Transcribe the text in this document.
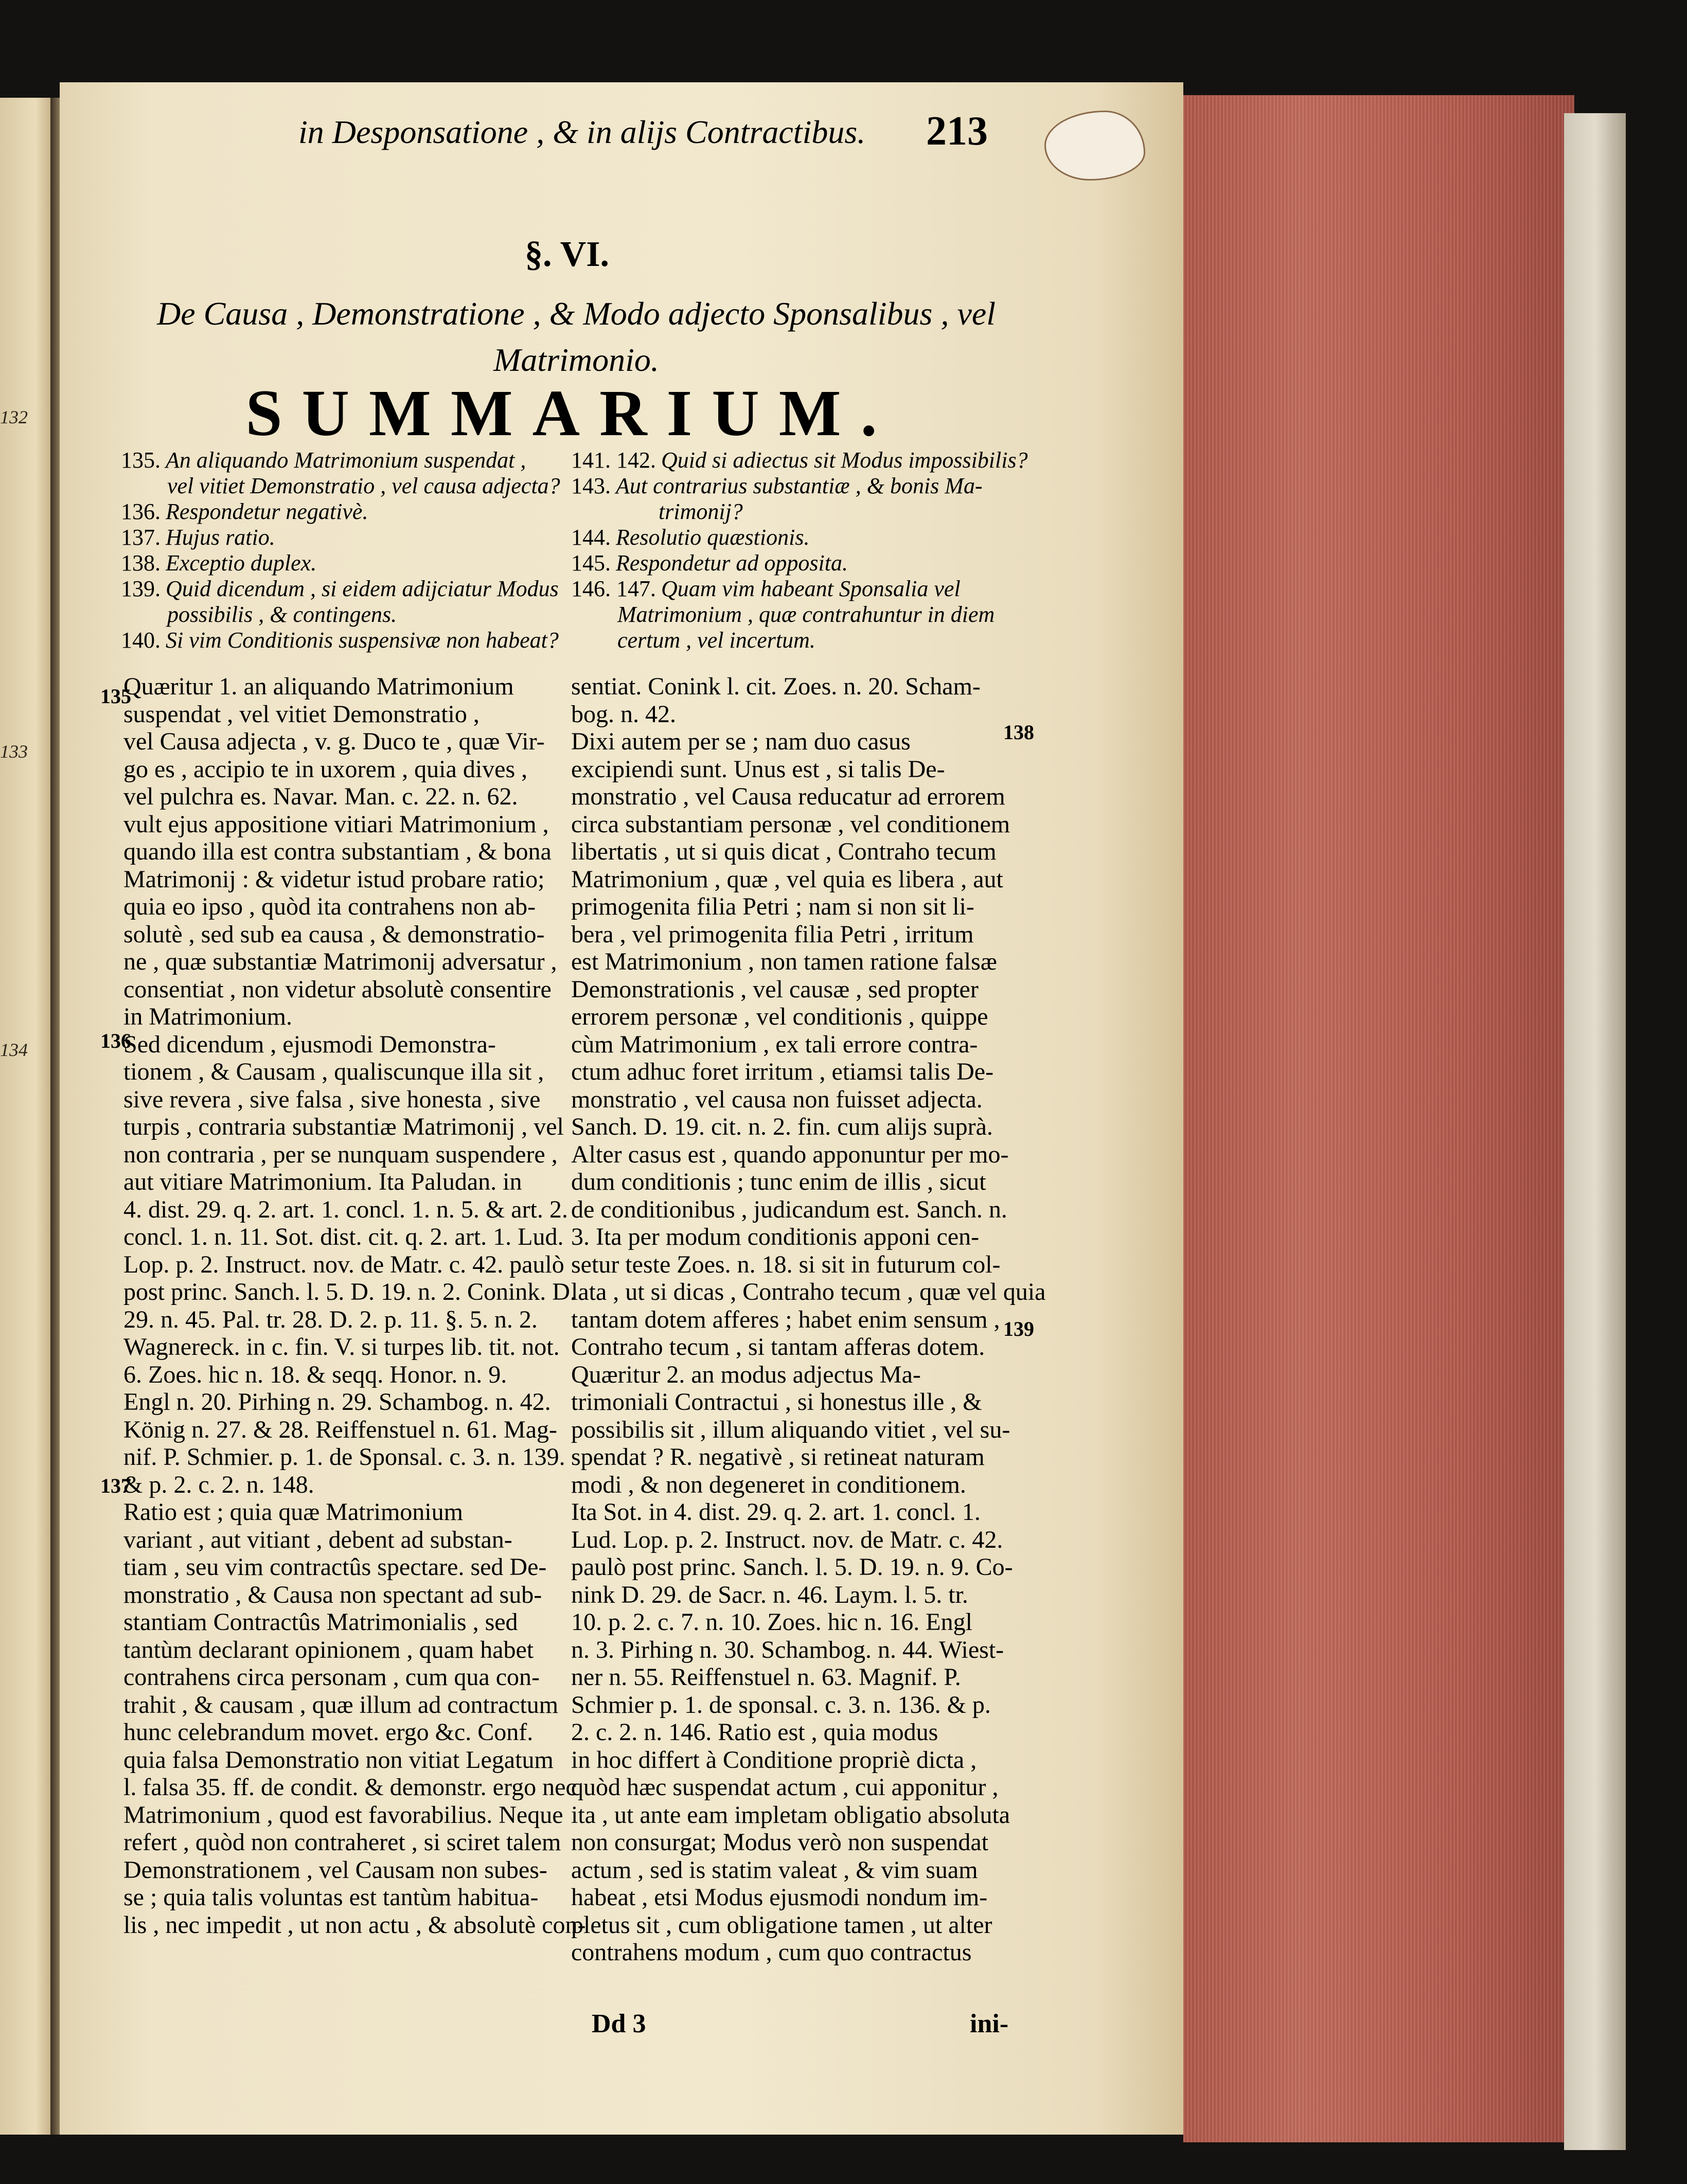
132
133
134
in Desponsatione , & in alijs Contractibus. 213
§. VI.
De Causa , Demonstratione , & Modo adjecto Sponsalibus , vel Matrimonio.
SUMMARIUM.
135. An aliquando Matrimonium suspendat ,
vel vitiet Demonstratio , vel causa adjecta?
136. Respondetur negativè.
137. Hujus ratio.
138. Exceptio duplex.
139. Quid dicendum , si eidem adijciatur Modus
possibilis , & contingens.
140. Si vim Conditionis suspensivæ non habeat?
141. 142. Quid si adiectus sit Modus impossibilis?
143. Aut contrarius substantiæ , & bonis Ma-
trimonij?
144. Resolutio quæstionis.
145. Respondetur ad opposita.
146. 147. Quam vim habeant Sponsalia vel
Matrimonium , quæ contrahuntur in diem
certum , vel incertum.
135
136
137
138
139

Quæritur 1. an aliquando Matrimonium

suspendat , vel vitiet Demonstratio ,

vel Causa adjecta , v. g. Duco te , quæ Vir-

go es , accipio te in uxorem , quia dives ,

vel pulchra es. Navar. Man. c. 22. n. 62.

vult ejus appositione vitiari Matrimonium ,

quando illa est contra substantiam , & bona

Matrimonij : & videtur istud probare ratio;

quia eo ipso , quòd ita contrahens non ab-

solutè , sed sub ea causa , & demonstratio-

ne , quæ substantiæ Matrimonij adversatur ,

consentiat , non videtur absolutè consentire

in Matrimonium.

Sed dicendum , ejusmodi Demonstra-

tionem , & Causam , qualiscunque illa sit ,

sive revera , sive falsa , sive honesta , sive

turpis , contraria substantiæ Matrimonij , vel

non contraria , per se nunquam suspendere ,

aut vitiare Matrimonium. Ita Paludan. in

4. dist. 29. q. 2. art. 1. concl. 1. n. 5. & art. 2.

concl. 1. n. 11. Sot. dist. cit. q. 2. art. 1. Lud.

Lop. p. 2. Instruct. nov. de Matr. c. 42. paulò

post princ. Sanch. l. 5. D. 19. n. 2. Conink. D.

29. n. 45. Pal. tr. 28. D. 2. p. 11. §. 5. n. 2.

Wagnereck. in c. fin. V. si turpes lib. tit. not.

6. Zoes. hic n. 18. & seqq. Honor. n. 9.

Engl n. 20. Pirhing n. 29. Schambog. n. 42.

König n. 27. & 28. Reiffenstuel n. 61. Mag-

nif. P. Schmier. p. 1. de Sponsal. c. 3. n. 139.

& p. 2. c. 2. n. 148.

Ratio est ; quia quæ Matrimonium

variant , aut vitiant , debent ad substan-

tiam , seu vim contractûs spectare. sed De-

monstratio , & Causa non spectant ad sub-

stantiam Contractûs Matrimonialis , sed

tantùm declarant opinionem , quam habet

contrahens circa personam , cum qua con-

trahit , & causam , quæ illum ad contractum

hunc celebrandum movet. ergo &c. Conf.

quia falsa Demonstratio non vitiat Legatum

l. falsa 35. ff. de condit. & demonstr. ergo nec

Matrimonium , quod est favorabilius. Neque

refert , quòd non contraheret , si sciret talem

Demonstrationem , vel Causam non subes-

se ; quia talis voluntas est tantùm habitua-

lis , nec impedit , ut non actu , & absolutè con-

sentiat. Conink l. cit. Zoes. n. 20. Scham-

bog. n. 42.

Dixi autem per se ; nam duo casus

excipiendi sunt. Unus est , si talis De-

monstratio , vel Causa reducatur ad errorem

circa substantiam personæ , vel conditionem

libertatis , ut si quis dicat , Contraho tecum

Matrimonium , quæ , vel quia es libera , aut

primogenita filia Petri ; nam si non sit li-

bera , vel primogenita filia Petri , irritum

est Matrimonium , non tamen ratione falsæ

Demonstrationis , vel causæ , sed propter

errorem personæ , vel conditionis , quippe

cùm Matrimonium , ex tali errore contra-

ctum adhuc foret irritum , etiamsi talis De-

monstratio , vel causa non fuisset adjecta.

Sanch. D. 19. cit. n. 2. fin. cum alijs suprà.

Alter casus est , quando apponuntur per mo-

dum conditionis ; tunc enim de illis , sicut

de conditionibus , judicandum est. Sanch. n.

3. Ita per modum conditionis apponi cen-

setur teste Zoes. n. 18. si sit in futurum col-

lata , ut si dicas , Contraho tecum , quæ vel quia

tantam dotem afferes ; habet enim sensum ,

Contraho tecum , si tantam afferas dotem.

Quæritur 2. an modus adjectus Ma-

trimoniali Contractui , si honestus ille , &

possibilis sit , illum aliquando vitiet , vel su-

spendat ? R. negativè , si retineat naturam

modi , & non degeneret in conditionem.

Ita Sot. in 4. dist. 29. q. 2. art. 1. concl. 1.

Lud. Lop. p. 2. Instruct. nov. de Matr. c. 42.

paulò post princ. Sanch. l. 5. D. 19. n. 9. Co-

nink D. 29. de Sacr. n. 46. Laym. l. 5. tr.

10. p. 2. c. 7. n. 10. Zoes. hic n. 16. Engl

n. 3. Pirhing n. 30. Schambog. n. 44. Wiest-

ner n. 55. Reiffenstuel n. 63. Magnif. P.

Schmier p. 1. de sponsal. c. 3. n. 136. & p.

2. c. 2. n. 146. Ratio est , quia modus

in hoc differt à Conditione propriè dicta ,

quòd hæc suspendat actum , cui apponitur ,

ita , ut ante eam impletam obligatio absoluta

non consurgat; Modus verò non suspendat

actum , sed is statim valeat , & vim suam

habeat , etsi Modus ejusmodi nondum im-

pletus sit , cum obligatione tamen , ut alter

contrahens modum , cum quo contractus

Dd 3	ini-
